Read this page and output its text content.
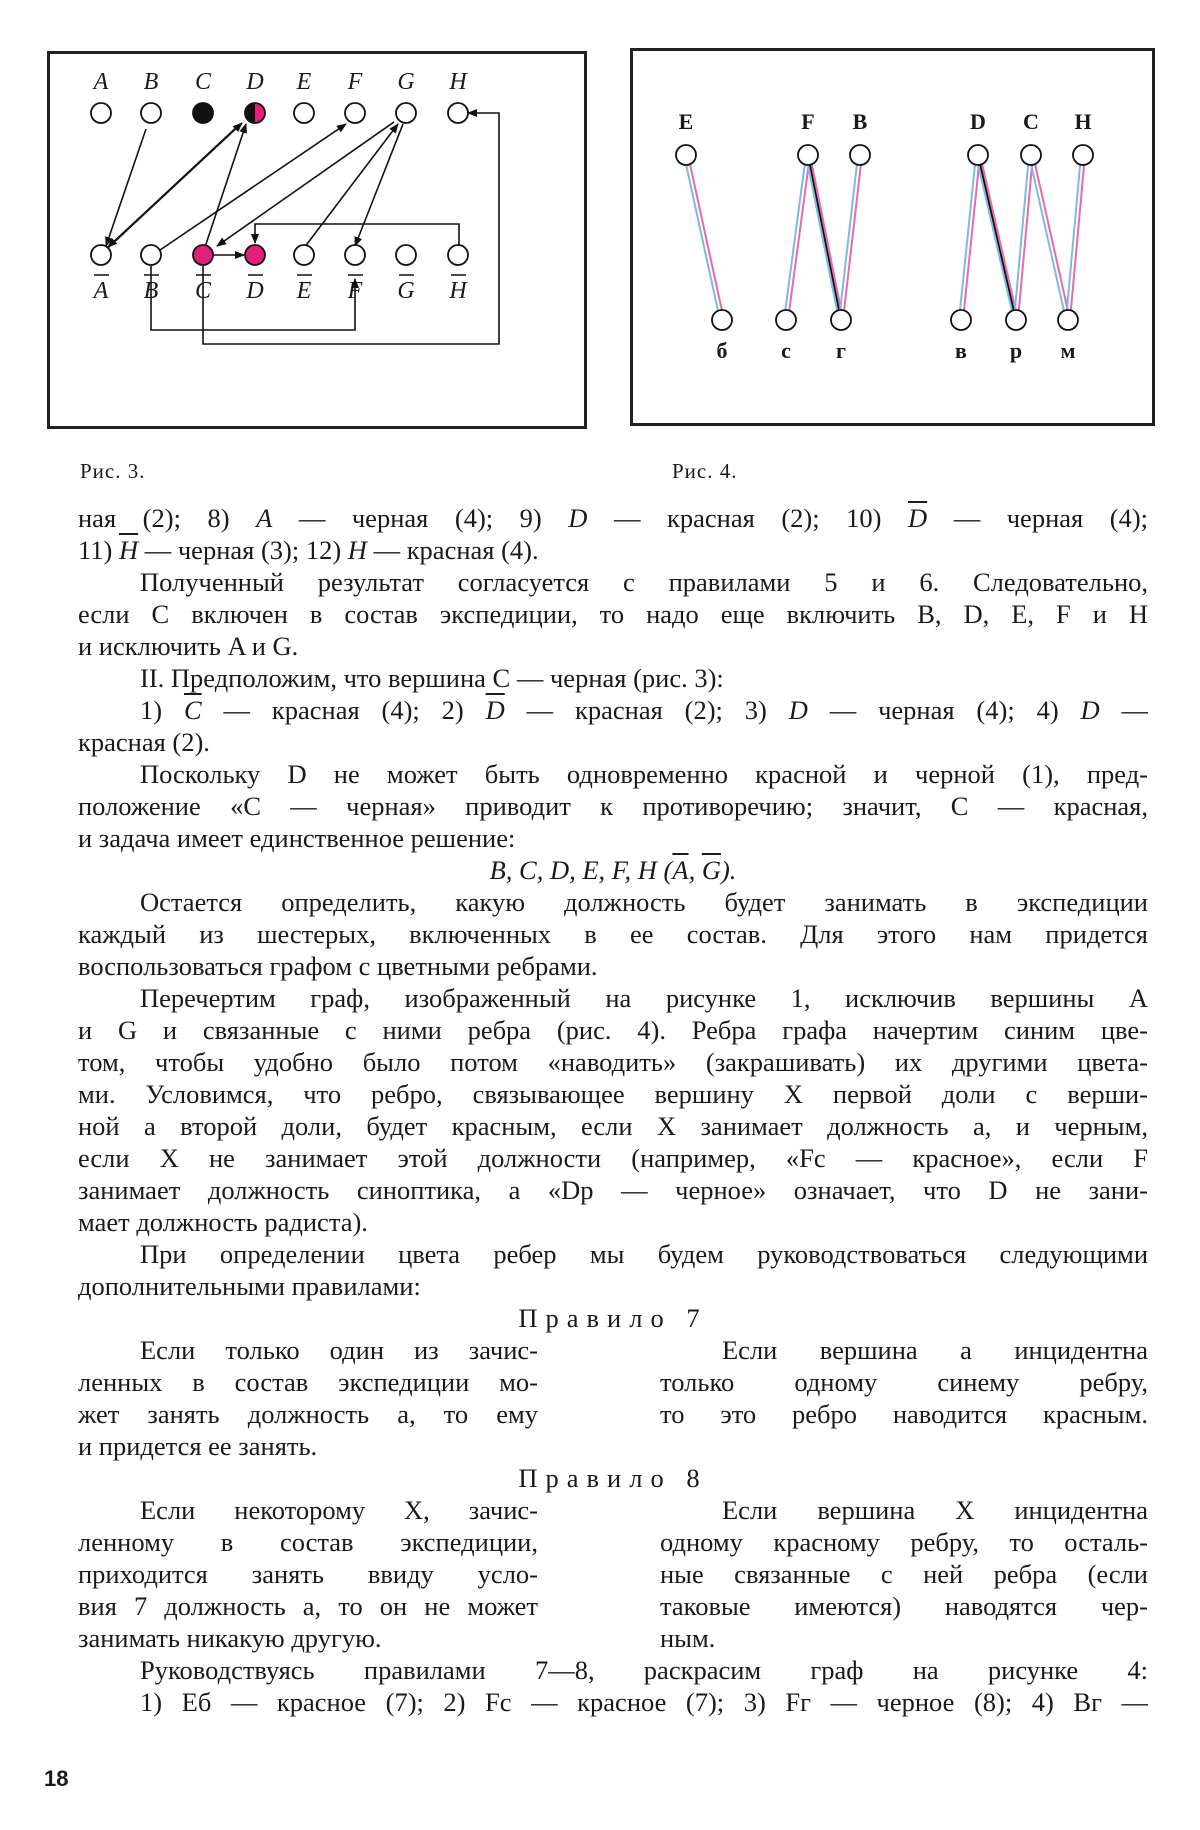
A B C D E F G H
A B C D E F G H
E	F B	D C H
б с г	в р м
Рис. 3.	Рис. 4.
ная (2); 8) A — черная (4); 9) D — красная (2); 10) $\overline{D}$ — черная (4);
11) $\overline{H}$ — черная (3); 12) H — красная (4).
Полученный результат согласуется с правилами 5 и 6. Следовательно,
если C включен в состав экспедиции, то надо еще включить B, D, E, F и H
и исключить A и G.
II. Предположим, что вершина C — черная (рис. 3):
1) $\overline{C}$ — красная (4); 2) $\overline{D}$ — красная (2); 3) D — черная (4); 4) D —
красная (2).
Поскольку D не может быть одновременно красной и черной (1), пред-
положение «C — черная» приводит к противоречию; значит, C — красная,
и задача имеет единственное решение:
B, C, D, E, F, H ($\overline{A}$, $\overline{G}$).
Остается определить, какую должность будет занимать в экспедиции
каждый из шестерых, включенных в ее состав. Для этого нам придется
воспользоваться графом с цветными ребрами.
Перечертим граф, изображенный на рисунке 1, исключив вершины A
и G и связанные с ними ребра (рис. 4). Ребра графа начертим синим цве-
том, чтобы удобно было потом «наводить» (закрашивать) их другими цвета-
ми. Условимся, что ребро, связывающее вершину X первой доли с верши-
ной a второй доли, будет красным, если X занимает должность a, и черным,
если X не занимает этой должности (например, «Fc — красное», если F
занимает должность синоптика, а «Dp — черное» означает, что D не зани-
мает должность радиста).
При определении цвета ребер мы будем руководствоваться следующими
дополнительными правилами:
Правило 7
Если только один из зачис-
ленных в состав экспедиции мо-
жет занять должность a, то ему
и придется ее занять.
Если вершина a инцидентна
только одному синему ребру,
то это ребро наводится красным.
Правило 8
Если некоторому X, зачис-
ленному в состав экспедиции,
приходится занять ввиду усло-
вия 7 должность a, то он не может
занимать никакую другую.
Если вершина X инцидентна
одному красному ребру, то осталь-
ные связанные с ней ребра (если
таковые имеются) наводятся чер-
ным.
Руководствуясь правилами 7—8, раскрасим граф на рисунке 4:
1) Eб — красное (7); 2) Fc — красное (7); 3) Fг — черное (8); 4) Bг —
18
